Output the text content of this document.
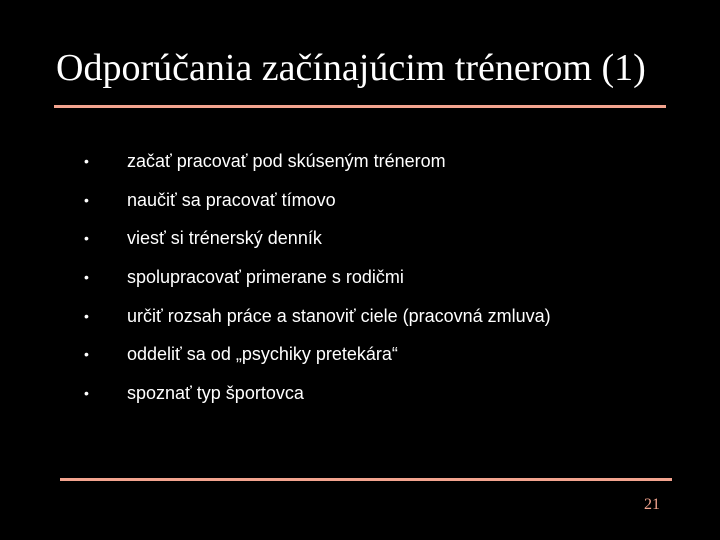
Odporúčania začínajúcim trénerom (1)
• začať pracovať pod skúseným trénerom
• naučiť sa pracovať tímovo
• viesť si trénerský denník
• spolupracovať primerane s rodičmi
• určiť rozsah práce a stanoviť ciele (pracovná zmluva)
• oddeliť sa od „psychiky pretekára“
• spoznať typ športovca
21
